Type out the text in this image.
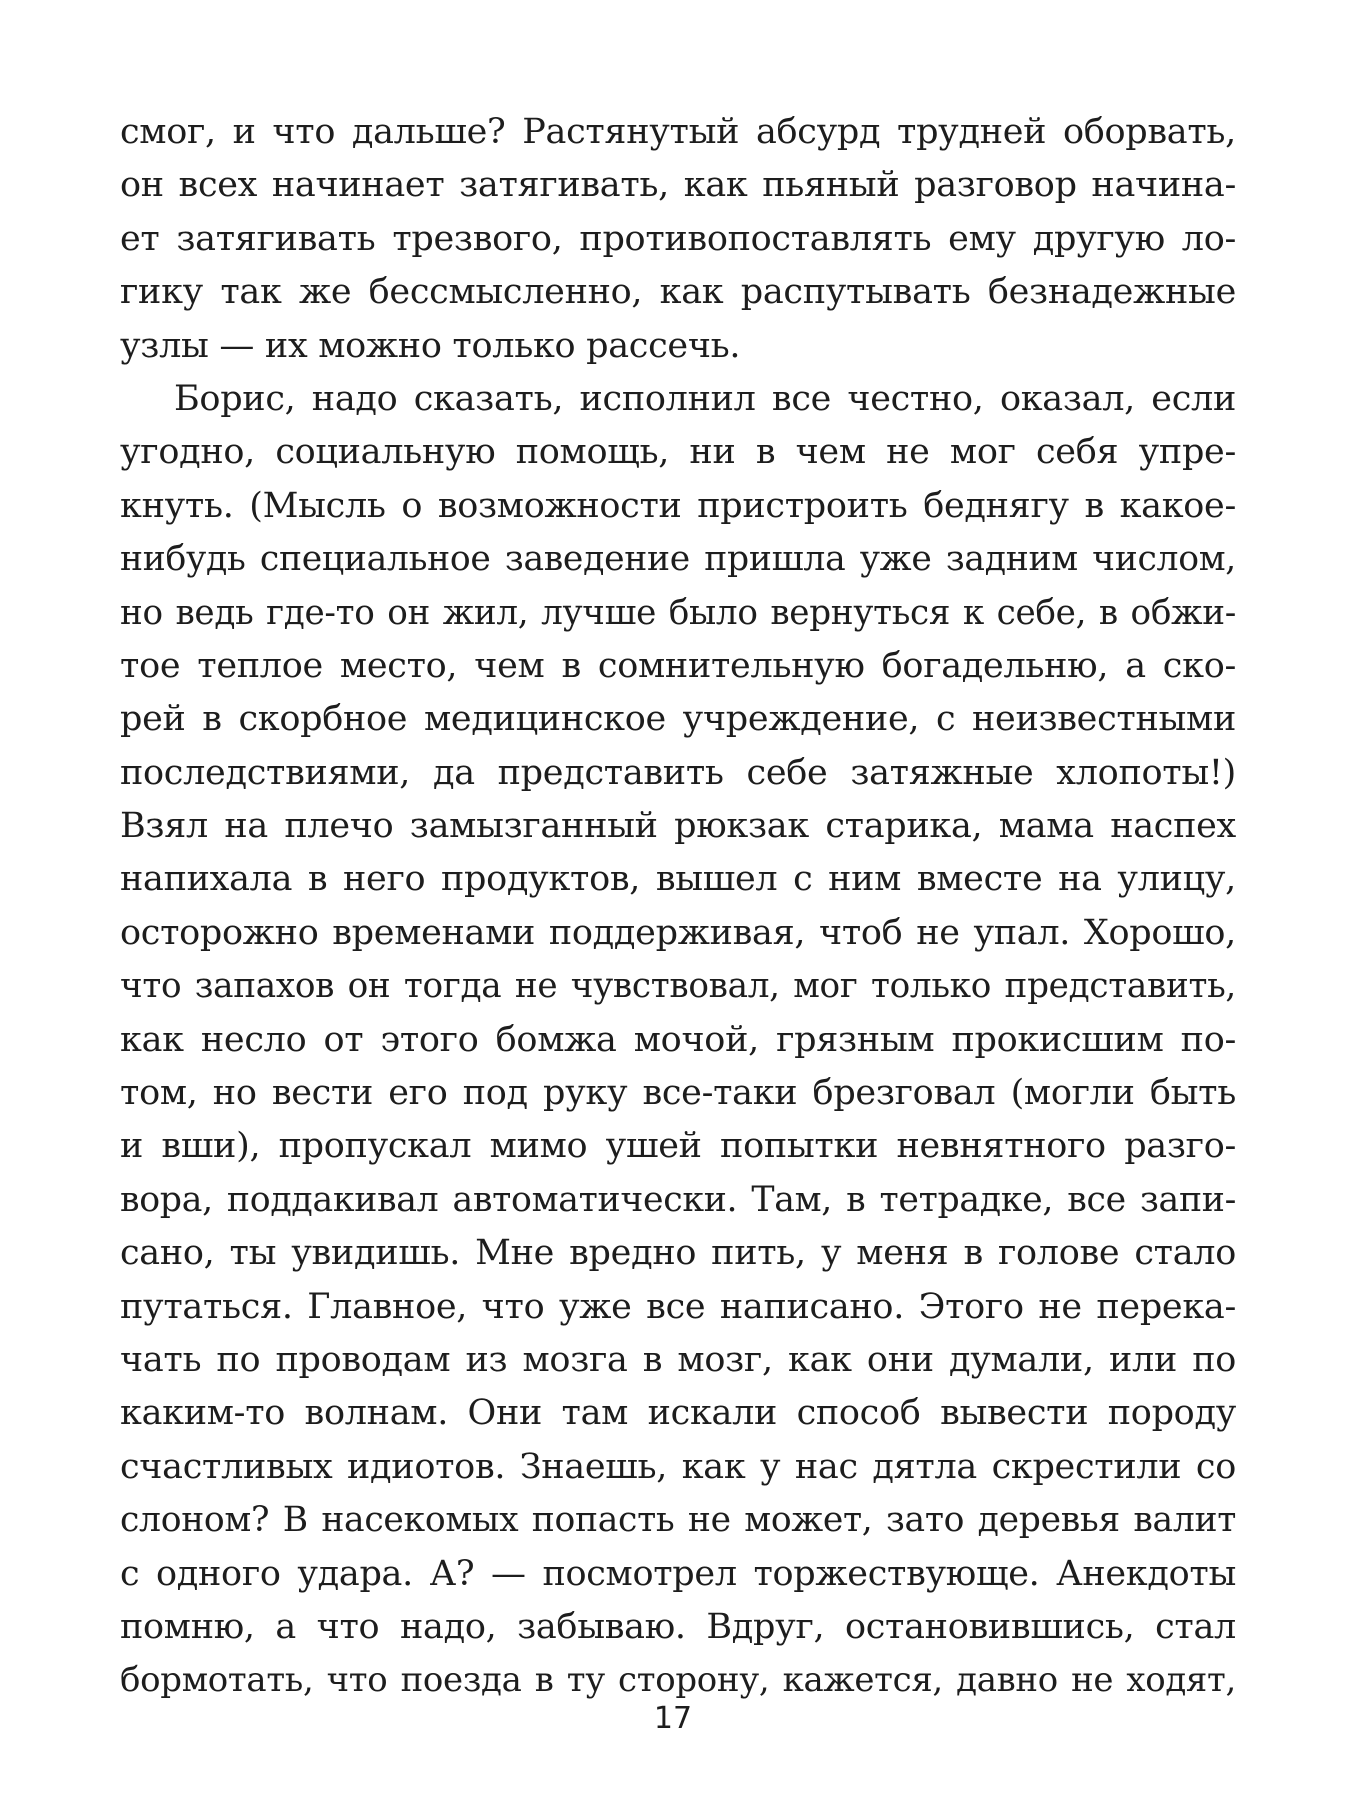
смог, и что дальше? Растянутый абсурд трудней оборвать,
он всех начинает затягивать, как пьяный разговор начина-
ет затягивать трезвого, противопоставлять ему другую ло-
гику так же бессмысленно, как распутывать безнадежные
узлы — их можно только рассечь.
Борис, надо сказать, исполнил все честно, оказал, если
угодно, социальную помощь, ни в чем не мог себя упре-
кнуть. (Мысль о возможности пристроить беднягу в какое-
нибудь специальное заведение пришла уже задним числом,
но ведь где-то он жил, лучше было вернуться к себе, в обжи-
тое теплое место, чем в сомнительную богадельню, а ско-
рей в скорбное медицинское учреждение, с неизвестными
последствиями, да представить себе затяжные хлопоты!)
Взял на плечо замызганный рюкзак старика, мама наспех
напихала в него продуктов, вышел с ним вместе на улицу,
осторожно временами поддерживая, чтоб не упал. Хорошо,
что запахов он тогда не чувствовал, мог только представить,
как несло от этого бомжа мочой, грязным прокисшим по-
том, но вести его под руку все-таки брезговал (могли быть
и вши), пропускал мимо ушей попытки невнятного разго-
вора, поддакивал автоматически. Там, в тетрадке, все запи-
сано, ты увидишь. Мне вредно пить, у меня в голове стало
путаться. Главное, что уже все написано. Этого не перека-
чать по проводам из мозга в мозг, как они думали, или по
каким-то волнам. Они там искали способ вывести породу
счастливых идиотов. Знаешь, как у нас дятла скрестили со
слоном? В насекомых попасть не может, зато деревья валит
с одного удара. А? — посмотрел торжествующе. Анекдоты
помню, а что надо, забываю. Вдруг, остановившись, стал
бормотать, что поезда в ту сторону, кажется, давно не ходят,
17
